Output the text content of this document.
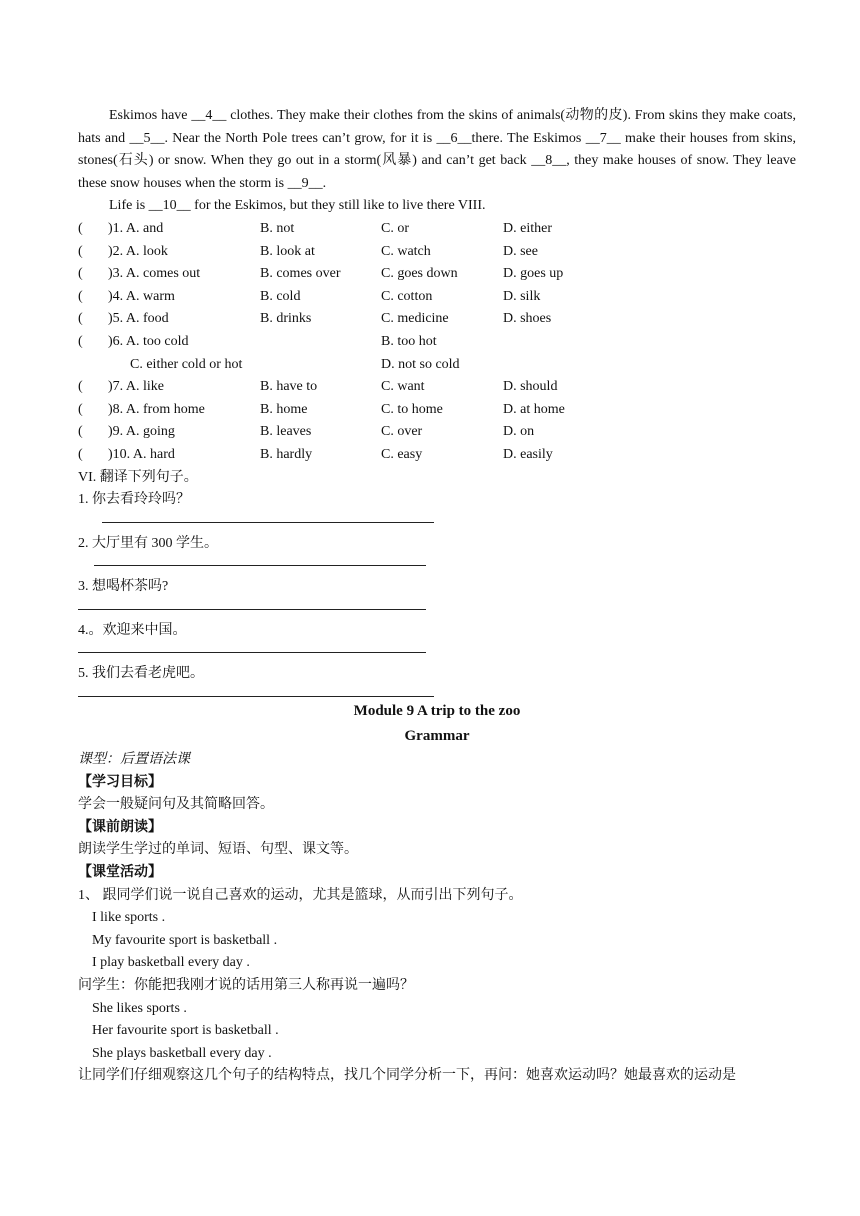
Eskimos have __4__ clothes. They make their clothes from the skins of animals(动物的皮). From skins they make coats, hats and __5__. Near the North Pole trees can’t grow, for it is __6__there. The Eskimos __7__ make their houses from skins, stones(石头) or snow. When they go out in a storm(风暴) and can’t get back __8__, they make houses of snow. They leave these snow houses when the storm is __9__.

Life is __10__ for the Eskimos, but they still like to live there VIII.

( )1. A. and	B. not	C. or	D. either
( )2. A. look	B. look at	C. watch	D. see
( )3. A. comes out	B. comes over	C. goes down	D. goes up
( )4. A. warm	B. cold	C. cotton	D. silk
( )5. A. food	B. drinks	C. medicine	D. shoes
( )6. A. too cold	B. too hot
C. either cold or hot	D. not so cold
( )7. A. like	B. have to	C. want	D. should
( )8. A. from home	B. home	C. to home	D. at home
( )9. A. going	B. leaves	C. over	D. on
( )10. A. hard	B. hardly	C. easy	D. easily
VI. 翻译下列句子。
1. 你去看玲玲吗？
2. 大厅里有 300 学生。
3. 想喝杯茶吗?
4.。欢迎来中国。
5. 我们去看老虎吧。
Module 9 A trip to the zoo
Grammar
课型：后置语法课
【学习目标】
学会一般疑问句及其简略回答。
【课前朗读】
朗读学生学过的单词、短语、句型、课文等。
【课堂活动】
1、 跟同学们说一说自己喜欢的运动，尤其是篮球，从而引出下列句子。
I like sports .
My favourite sport is basketball .
I play basketball every day .
问学生：你能把我刚才说的话用第三人称再说一遍吗？
She likes sports .
Her favourite sport is basketball .
She plays basketball every day .
让同学们仔细观察这几个句子的结构特点，找几个同学分析一下，再问：她喜欢运动吗？她最喜欢的运动是
